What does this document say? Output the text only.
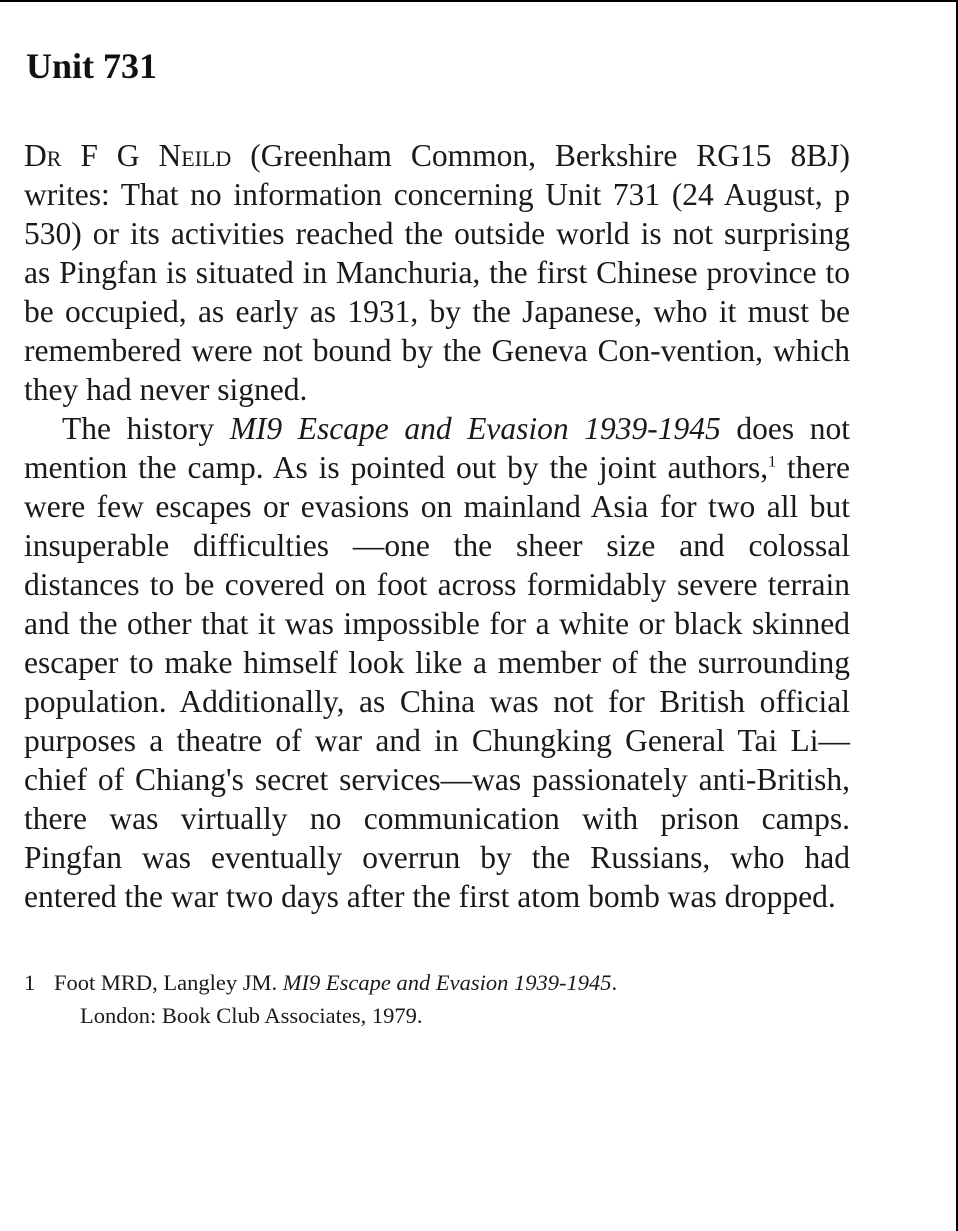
Unit 731

Dr F G Neild (Greenham Common, Berkshire RG15 8BJ) writes: That no information concerning Unit 731 (24 August, p 530) or its activities reached the outside world is not surprising as Pingfan is situated in Manchuria, the first Chinese province to be occupied, as early as 1931, by the Japanese, who it must be remembered were not bound by the Geneva Con-vention, which they had never signed.

The history MI9 Escape and Evasion 1939-1945 does not mention the camp. As is pointed out by the joint authors,$^1$ there were few escapes or evasions on mainland Asia for two all but insuperable difficulties —one the sheer size and colossal distances to be covered on foot across formidably severe terrain and the other that it was impossible for a white or black skinned escaper to make himself look like a member of the surrounding population. Additionally, as China was not for British official purposes a theatre of war and in Chungking General Tai Li—chief of Chiang's secret services—was passionately anti-British, there was virtually no communication with prison camps. Pingfan was eventually overrun by the Russians, who had entered the war two days after the first atom bomb was dropped.

1 Foot MRD, Langley JM. MI9 Escape and Evasion 1939-1945.
London: Book Club Associates, 1979.
